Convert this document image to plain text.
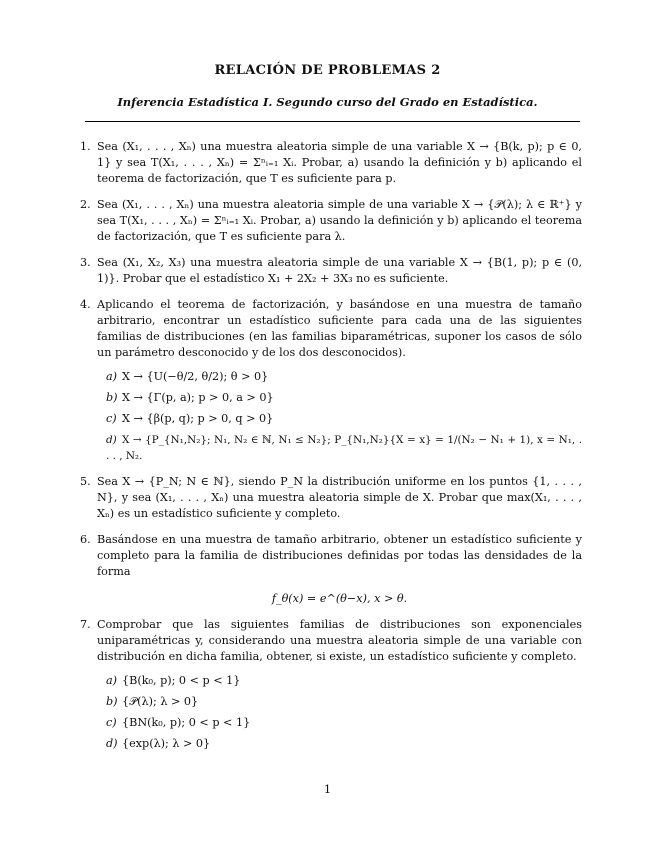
RELACIÓN DE PROBLEMAS 2
Inferencia Estadística I. Segundo curso del Grado en Estadística.
1. Sea (X₁, . . . , Xₙ) una muestra aleatoria simple de una variable X → {B(k, p); p ∈ 0, 1} y sea T(X₁, . . . , Xₙ) = Σⁿᵢ₌₁ Xᵢ. Probar, a) usando la definición y b) aplicando el teorema de factorización, que T es suficiente para p.
2. Sea (X₁, . . . , Xₙ) una muestra aleatoria simple de una variable X → {𝒫(λ); λ ∈ ℝ⁺} y sea T(X₁, . . . , Xₙ) = Σⁿᵢ₌₁ Xᵢ. Probar, a) usando la definición y b) aplicando el teorema de factorización, que T es suficiente para λ.
3. Sea (X₁, X₂, X₃) una muestra aleatoria simple de una variable X → {B(1, p); p ∈ (0, 1)}. Probar que el estadístico X₁ + 2X₂ + 3X₃ no es suficiente.
4. Aplicando el teorema de factorización, y basándose en una muestra de tamaño arbitrario, encontrar un estadístico suficiente para cada una de las siguientes familias de distribuciones (en las familias biparamétricas, suponer los casos de sólo un parámetro desconocido y de los dos desconocidos).
a) X → {U(−θ/2, θ/2); θ > 0}
b) X → {Γ(p, a); p > 0, a > 0}
c) X → {β(p, q); p > 0, q > 0}
d) X → {P_{N₁,N₂}; N₁, N₂ ∈ ℕ, N₁ ≤ N₂}; P_{N₁,N₂}{X = x} = 1/(N₂ − N₁ + 1), x = N₁, . . . , N₂.
5. Sea X → {P_N; N ∈ ℕ}, siendo P_N la distribución uniforme en los puntos {1, . . . , N}, y sea (X₁, . . . , Xₙ) una muestra aleatoria simple de X. Probar que max(X₁, . . . , Xₙ) es un estadístico suficiente y completo.
6. Basándose en una muestra de tamaño arbitrario, obtener un estadístico suficiente y completo para la familia de distribuciones definidas por todas las densidades de la forma
f_θ(x) = e^(θ−x), x > θ.
7. Comprobar que las siguientes familias de distribuciones son exponenciales uniparamétricas y, considerando una muestra aleatoria simple de una variable con distribución en dicha familia, obtener, si existe, un estadístico suficiente y completo.
a) {B(k₀, p); 0 < p < 1}
b) {𝒫(λ); λ > 0}
c) {BN(k₀, p); 0 < p < 1}
d) {exp(λ); λ > 0}
1
